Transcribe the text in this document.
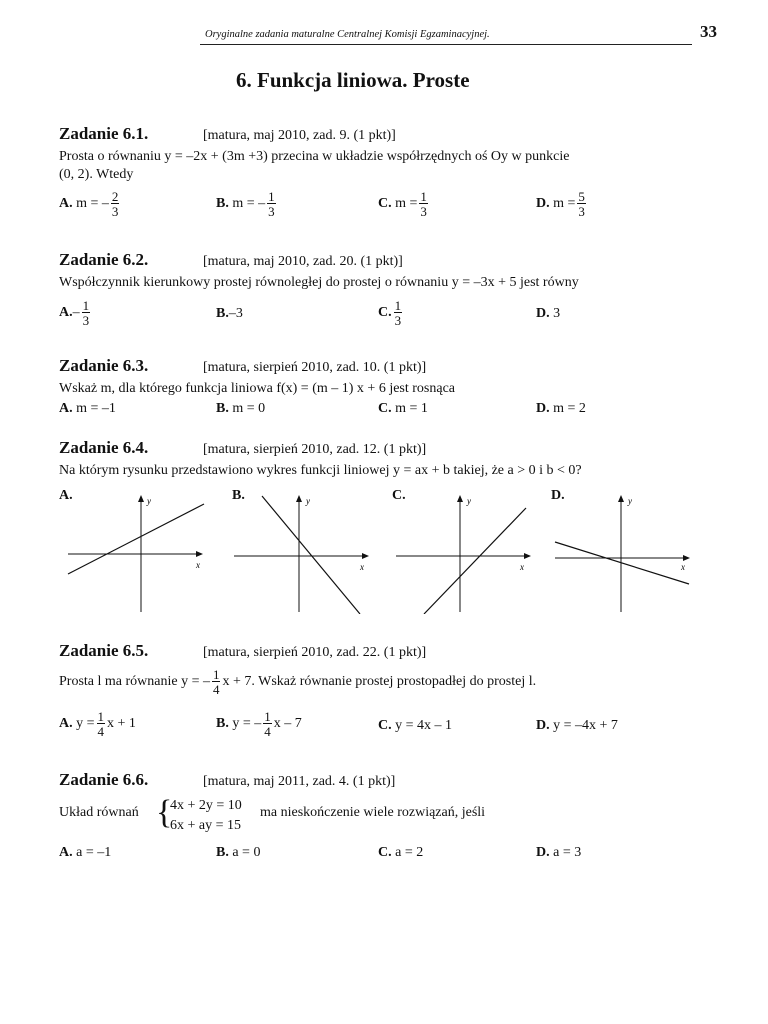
Oryginalne zadania maturalne Centralnej Komisji Egzaminacyjnej.	33
6. Funkcja liniowa. Proste
Zadanie 6.1.	[matura, maj 2010, zad. 9. (1 pkt)]
Prosta o równaniu y = –2x + (3m +3) przecina w układzie współrzędnych oś Oy w punkcie
(0, 2). Wtedy
A. m = – $\frac{2}{3}$	B. m = – $\frac{1}{3}$	C. $m = \frac{1}{3}$	D. $m = \frac{5}{3}$
Zadanie 6.2.	[matura, maj 2010, zad. 20. (1 pkt)]
Współczynnik kierunkowy prostej równoległej do prostej o równaniu y = –3x + 5 jest równy
$A.- \frac{1}{3}$	B.–3	C. $\frac{1}{3}$	D. 3
Zadanie 6.3.	[matura, sierpień 2010, zad. 10. (1 pkt)]
Wskaż m, dla którego funkcja liniowa f(x) = (m – 1) x + 6 jest rosnąca
A. m = –1	B. m = 0	C. m = 1	D. m = 2
Zadanie 6.4.	[matura, sierpień 2010, zad. 12. (1 pkt)]
Na którym rysunku przedstawiono wykres funkcji liniowej y = ax + b takiej, że a > 0 i b < 0?
A.	B.	C.	D.
x
y
x
y
x
y
x
y
Zadanie 6.5.	[matura, sierpień 2010, zad. 22. (1 pkt)]
Prosta l ma równanie y = – $\frac{1}{4}$ x + 7. Wskaż równanie prostej prostopadłej do prostej l.
A. $y = \frac{1}{4}$ x + 1	B. y = – $\frac{1}{4}$ x – 7	C. y = 4x – 1	D. y = –4x + 7
Zadanie 6.6.	[matura, maj 2011, zad. 4. (1 pkt)]
Układ równań {
4x + 2y = 10
6x + ay = 15
ma nieskończenie wiele rozwiązań, jeśli
A. a = –1	B. a = 0	C. a = 2	D. a = 3
